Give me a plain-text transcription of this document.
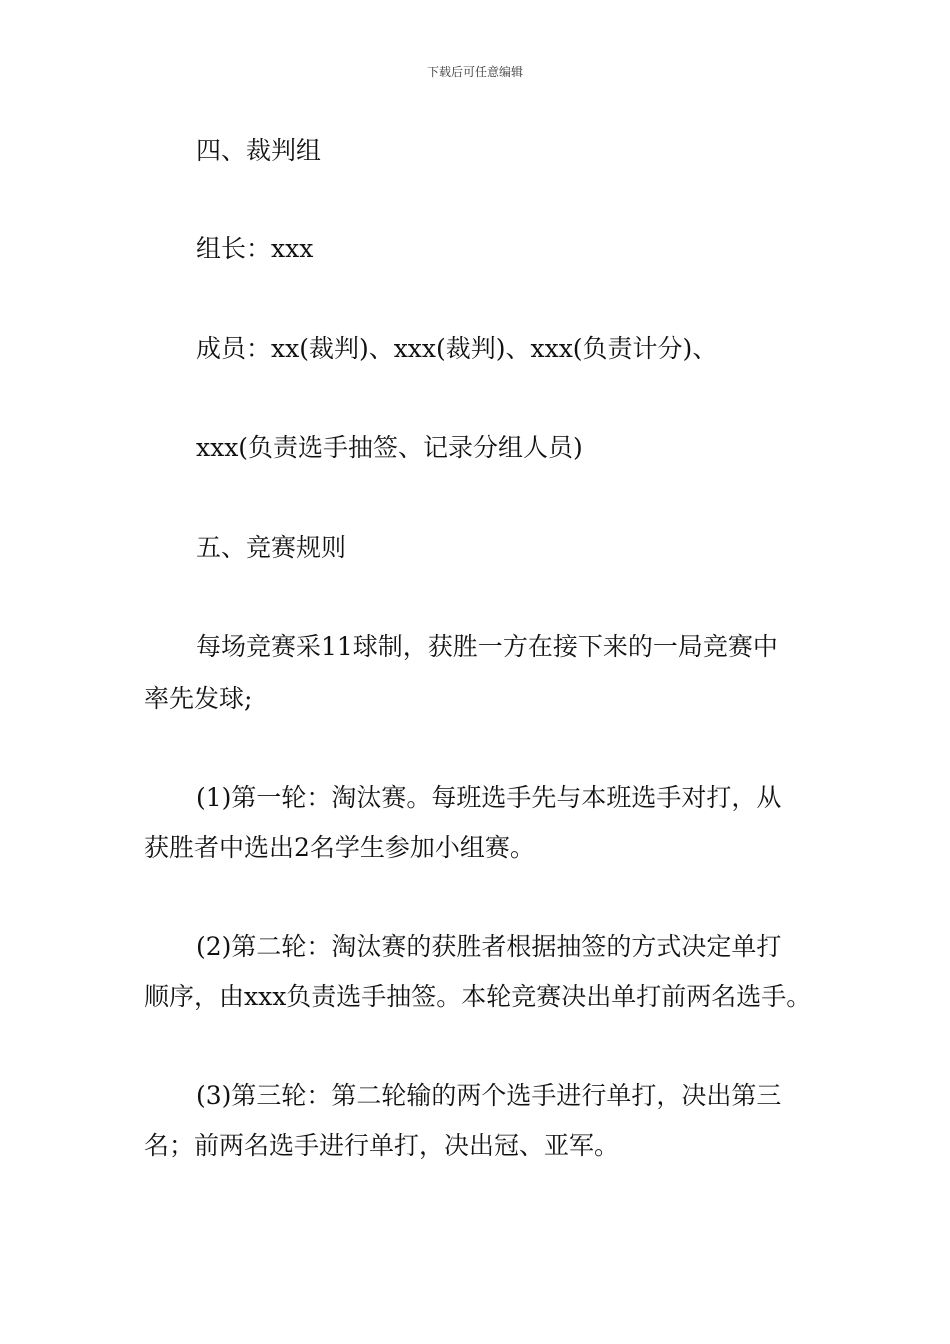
下载后可任意编辑
四、裁判组
组长：xxx
成员：xx(裁判)、xxx(裁判)、xxx(负责计分)、
xxx(负责选手抽签、记录分组人员)
五、竞赛规则
每场竞赛采11球制，获胜一方在接下来的一局竞赛中
率先发球;
(1)第一轮：淘汰赛。每班选手先与本班选手对打，从
获胜者中选出2名学生参加小组赛。
(2)第二轮：淘汰赛的获胜者根据抽签的方式决定单打
顺序，由xxx负责选手抽签。本轮竞赛决出单打前两名选手。
(3)第三轮：第二轮输的两个选手进行单打，决出第三
名；前两名选手进行单打，决出冠、亚军。
